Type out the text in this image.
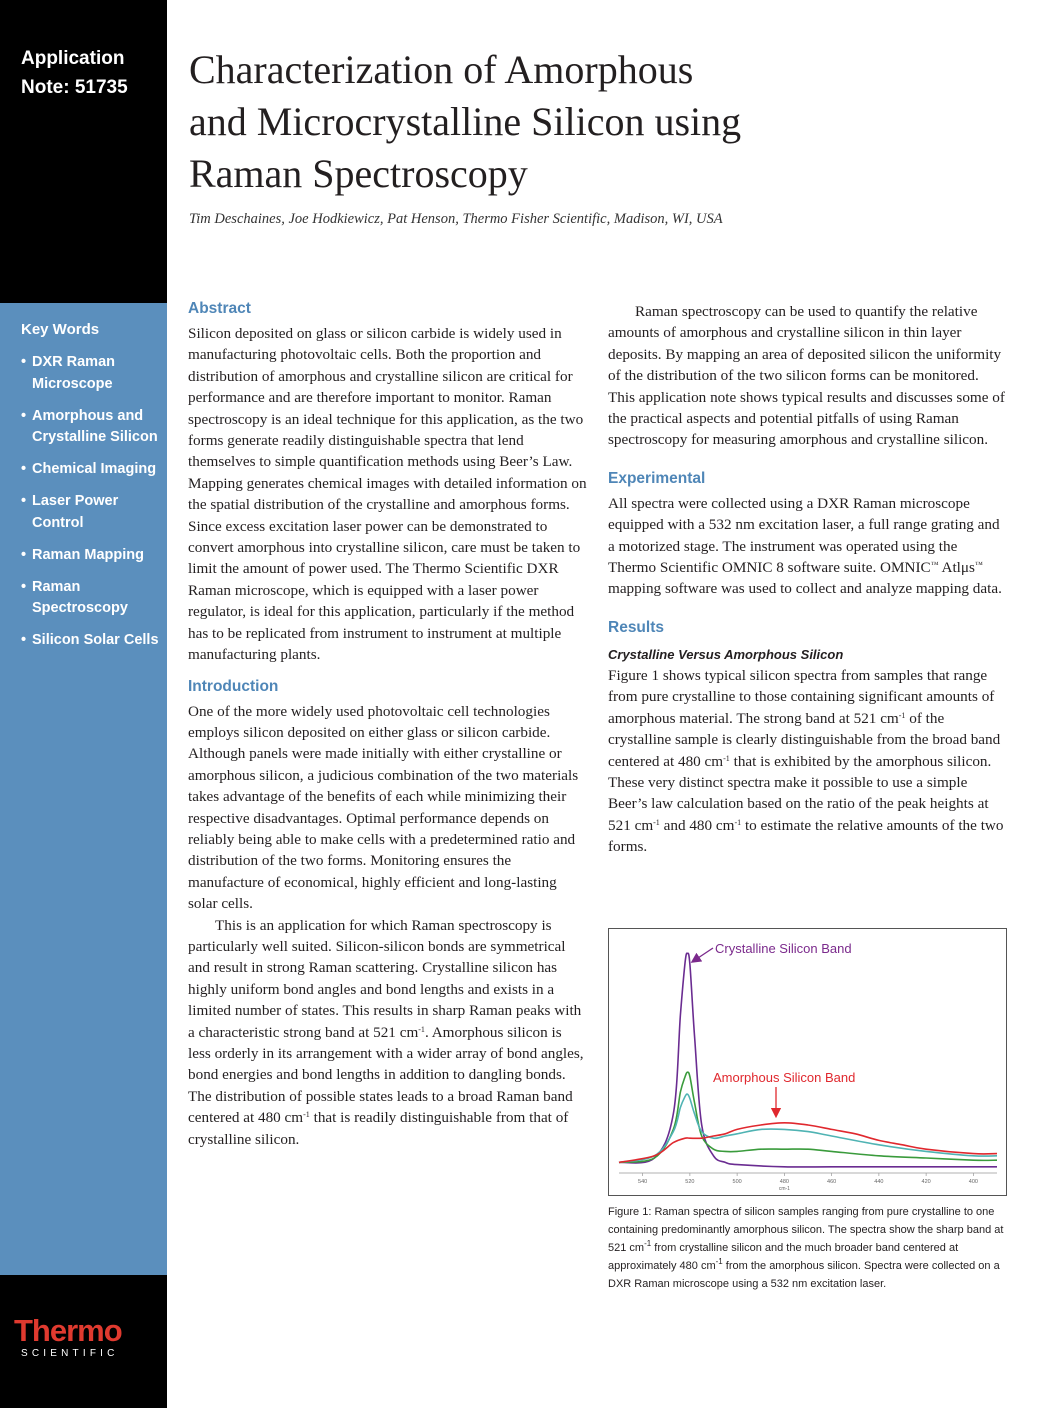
Application
Note: 51735

Key Words

• DXR Raman
Microscope
• Amorphous and
Crystalline Silicon
• Chemical Imaging
• Laser Power
Control
• Raman Mapping
• Raman
Spectroscopy
• Silicon Solar Cells
Thermo
SCIENTIFIC
Characterization of Amorphous
and Microcrystalline Silicon using
Raman Spectroscopy

Tim Deschaines, Joe Hodkiewicz, Pat Henson, Thermo Fisher Scientific, Madison, WI, USA

Abstract

Silicon deposited on glass or silicon carbide is widely used in manufacturing photovoltaic cells. Both the proportion and distribution of amorphous and crystalline silicon are critical for performance and are therefore important to monitor. Raman spectroscopy is an ideal technique for this application, as the two forms generate readily distinguishable spectra that lend themselves to simple quantification methods using Beer’s Law. Mapping generates chemical images with detailed information on the spatial distribution of the crystalline and amorphous forms. Since excess excitation laser power can be demonstrated to convert amorphous into crystalline silicon, care must be taken to limit the amount of power used. The Thermo Scientific DXR Raman microscope, which is equipped with a laser power regulator, is ideal for this application, particularly if the method has to be replicated from instrument to instrument at multiple manufacturing plants.

Introduction

One of the more widely used photovoltaic cell technologies employs silicon deposited on either glass or silicon carbide. Although panels were made initially with either crystalline or amorphous silicon, a judicious combination of the two materials takes advantage of the benefits of each while minimizing their respective disadvantages. Optimal performance depends on reliably being able to make cells with a predetermined ratio and distribution of the two forms. Monitoring ensures the manufacture of economical, highly efficient and long-lasting solar cells.

This is an application for which Raman spectroscopy is particularly well suited. Silicon-silicon bonds are symmetrical and result in strong Raman scattering. Crystalline silicon has highly uniform bond angles and bond lengths and exists in a limited number of states. This results in sharp Raman peaks with a characteristic strong band at 521 $cm^{-1}$. Amorphous silicon is less orderly in its arrangement with a wider array of bond angles, bond energies and bond lengths in addition to dangling bonds. The distribution of possible states leads to a broad Raman band centered at 480 $cm^{-1}$ that is readily distinguishable from that of crystalline silicon.

Raman spectroscopy can be used to quantify the relative amounts of amorphous and crystalline silicon in thin layer deposits. By mapping an area of deposited silicon the uniformity of the distribution of the two silicon forms can be monitored. This application note shows typical results and discusses some of the practical aspects and potential pitfalls of using Raman spectroscopy for measuring amorphous and crystalline silicon.

Experimental

All spectra were collected using a DXR Raman microscope equipped with a 532 nm excitation laser, a full range grating and a motorized stage. The instrument was operated using the Thermo Scientific OMNIC 8 software suite. OMNIC™ Atlμs™ mapping software was used to collect and analyze mapping data.

Results
Crystalline Versus Amorphous Silicon

Figure 1 shows typical silicon spectra from samples that range from pure crystalline to those containing significant amounts of amorphous material. The strong band at 521 $cm^{-1}$ of the crystalline sample is clearly distinguishable from the broad band centered at 480 $cm^{-1}$ that is exhibited by the amorphous silicon. These very distinct spectra make it possible to use a simple Beer’s law calculation based on the ratio of the peak heights at 521 $cm^{-1}$ and 480 $cm^{-1}$ to estimate the relative amounts of the two forms.

540	520	500	480	460	440	420	400
cm-1
Crystalline Silicon Band
Amorphous Silicon Band

Figure 1: Raman spectra of silicon samples ranging from pure crystalline to one containing predominantly amorphous silicon. The spectra show the sharp band at 521 $cm^{-1}$ from crystalline silicon and the much broader band centered at approximately 480 $cm^{-1}$ from the amorphous silicon. Spectra were collected on a DXR Raman microscope using a 532 nm excitation laser.
